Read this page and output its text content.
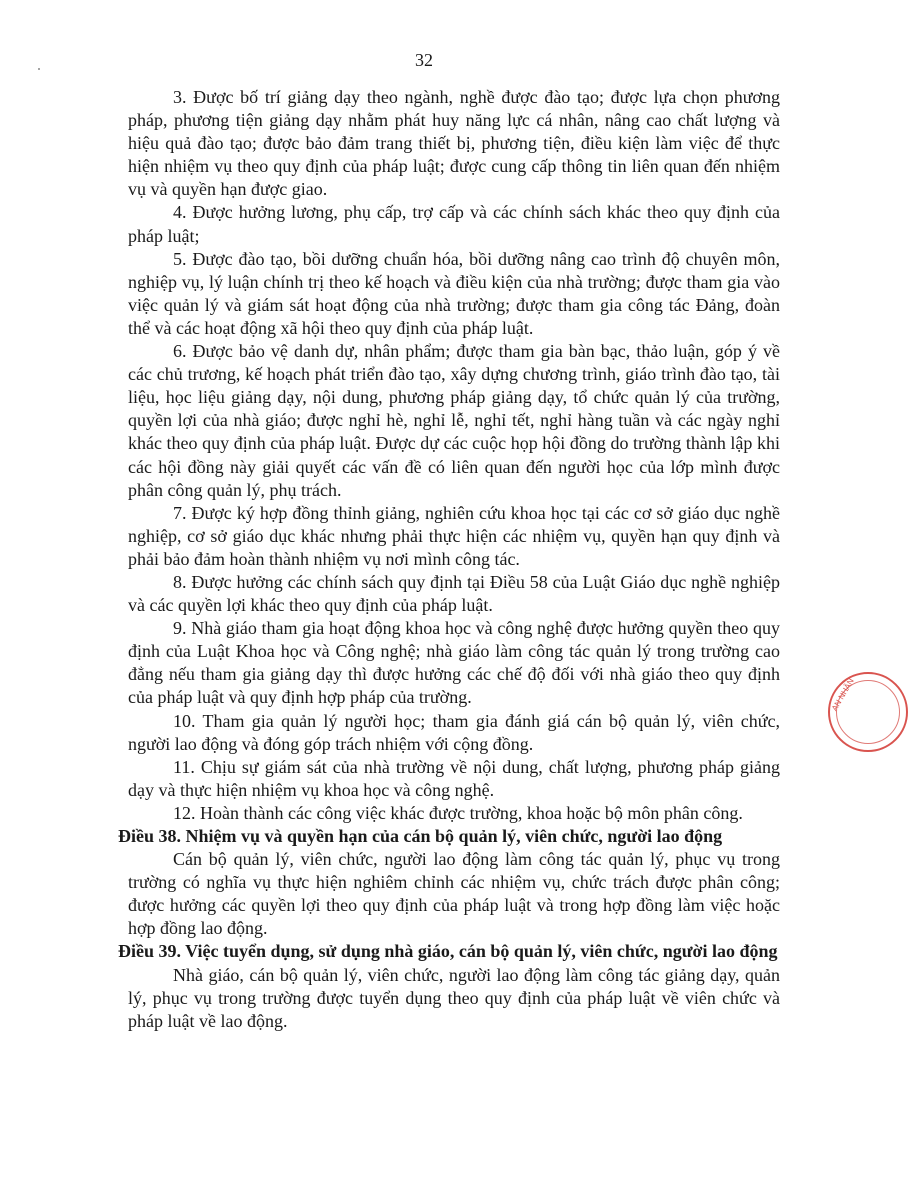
32

3. Được bố trí giảng dạy theo ngành, nghề được đào tạo; được lựa chọn phương pháp, phương tiện giảng dạy nhằm phát huy năng lực cá nhân, nâng cao chất lượng và hiệu quả đào tạo; được bảo đảm trang thiết bị, phương tiện, điều kiện làm việc để thực hiện nhiệm vụ theo quy định của pháp luật; được cung cấp thông tin liên quan đến nhiệm vụ và quyền hạn được giao.

4. Được hưởng lương, phụ cấp, trợ cấp và các chính sách khác theo quy định của pháp luật;

5. Được đào tạo, bồi dưỡng chuẩn hóa, bồi dưỡng nâng cao trình độ chuyên môn, nghiệp vụ, lý luận chính trị theo kế hoạch và điều kiện của nhà trường; được tham gia vào việc quản lý và giám sát hoạt động của nhà trường; được tham gia công tác Đảng, đoàn thể và các hoạt động xã hội theo quy định của pháp luật.

6. Được bảo vệ danh dự, nhân phẩm; được tham gia bàn bạc, thảo luận, góp ý về các chủ trương, kế hoạch phát triển đào tạo, xây dựng chương trình, giáo trình đào tạo, tài liệu, học liệu giảng dạy, nội dung, phương pháp giảng dạy, tổ chức quản lý của trường, quyền lợi của nhà giáo; được nghỉ hè, nghỉ lễ, nghỉ tết, nghỉ hàng tuần và các ngày nghỉ khác theo quy định của pháp luật. Được dự các cuộc họp hội đồng do trường thành lập khi các hội đồng này giải quyết các vấn đề có liên quan đến người học của lớp mình được phân công quản lý, phụ trách.

7. Được ký hợp đồng thỉnh giảng, nghiên cứu khoa học tại các cơ sở giáo dục nghề nghiệp, cơ sở giáo dục khác nhưng phải thực hiện các nhiệm vụ, quyền hạn quy định và phải bảo đảm hoàn thành nhiệm vụ nơi mình công tác.

8. Được hưởng các chính sách quy định tại Điều 58 của Luật Giáo dục nghề nghiệp và các quyền lợi khác theo quy định của pháp luật.

9. Nhà giáo tham gia hoạt động khoa học và công nghệ được hưởng quyền theo quy định của Luật Khoa học và Công nghệ; nhà giáo làm công tác quản lý trong trường cao đẳng nếu tham gia giảng dạy thì được hưởng các chế độ đối với nhà giáo theo quy định của pháp luật và quy định hợp pháp của trường.

10. Tham gia quản lý người học; tham gia đánh giá cán bộ quản lý, viên chức, người lao động và đóng góp trách nhiệm với cộng đồng.

11. Chịu sự giám sát của nhà trường về nội dung, chất lượng, phương pháp giảng dạy và thực hiện nhiệm vụ khoa học và công nghệ.

12. Hoàn thành các công việc khác được trường, khoa hoặc bộ môn phân công.

Điều 38. Nhiệm vụ và quyền hạn của cán bộ quản lý, viên chức, người lao động

Cán bộ quản lý, viên chức, người lao động làm công tác quản lý, phục vụ trong trường có nghĩa vụ thực hiện nghiêm chỉnh các nhiệm vụ, chức trách được phân công; được hưởng các quyền lợi theo quy định của pháp luật và trong hợp đồng làm việc hoặc hợp đồng lao động.

Điều 39. Việc tuyển dụng, sử dụng nhà giáo, cán bộ quản lý, viên chức, người lao động

Nhà giáo, cán bộ quản lý, viên chức, người lao động làm công tác giảng dạy, quản lý, phục vụ trong trường được tuyển dụng theo quy định của pháp luật về viên chức và pháp luật về lao động.

AN NHÂN
